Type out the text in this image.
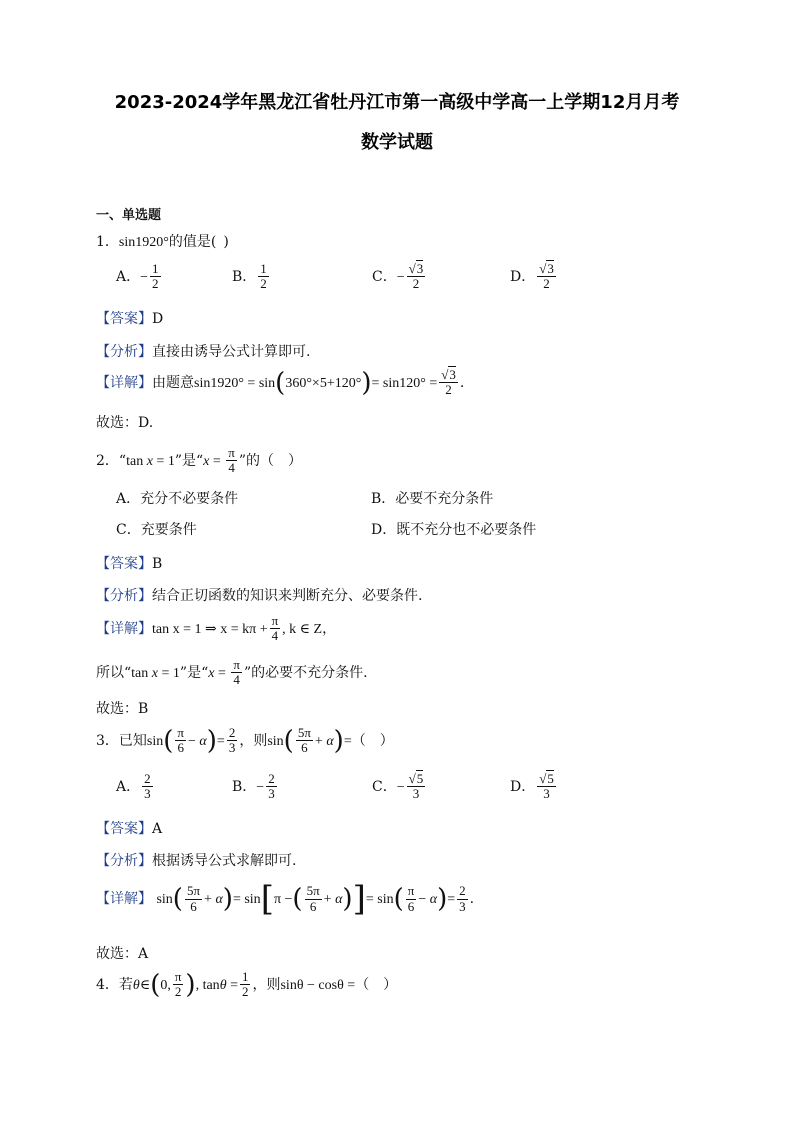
2023-2024学年黑龙江省牡丹江市第一高级中学高一上学期12月月考
数学试题
一、单选题
1．sin1920°的值是( )
A．− $\frac{1}{2}$	B． $\frac{1}{2}$	C．− $\frac{√3}{2}$	D． $\frac{√3}{2}$
【答案】D
【分析】直接由诱导公式计算即可.
【详解】由题意$\sin 1920^\circ = \sin(360^\circ\times 5+120^\circ)= \sin 120^\circ = \frac{√3}{2}$ .
故选：D.
2．“tan x = 1”是“$x = \frac{\pi}{4}$ ”的（ ）
A．充分不必要条件	B．必要不充分条件
C．充要条件	D．既不充分也不必要条件
【答案】B
【分析】结合正切函数的知识来判断充分、必要条件.
【详解】tan x = 1 ⇒ $x = k\pi + \frac{\pi}{4}$ , k ∈ Z，
所以“tan x = 1”是“$x = \frac{\pi}{4}$ ”的必要不充分条件.
故选：B
3．已知$\sin( \frac{\pi}{6} - \alpha)= \frac{2}{3}$ ，则$\sin( \frac{5\pi}{6} + \alpha)=$（ ）
A． $\frac{2}{3}$	B．− $\frac{2}{3}$	C．− $\frac{√5}{3}$	D． $\frac{√5}{3}$
【答案】A
【分析】根据诱导公式求解即可.
【详解】 $\sin( \frac{5\pi}{6} + \alpha)= \sin[\pi$ −( $\frac{5\pi}{6} + \alpha)]= \sin( \frac{\pi}{6} - \alpha)= \frac{2}{3}$ .
故选：A
4．若θ∈(0, $\frac{\pi}{2}$ ), $\tan\theta = \frac{1}{2}$ ，则sinθ − cosθ =（ ）
